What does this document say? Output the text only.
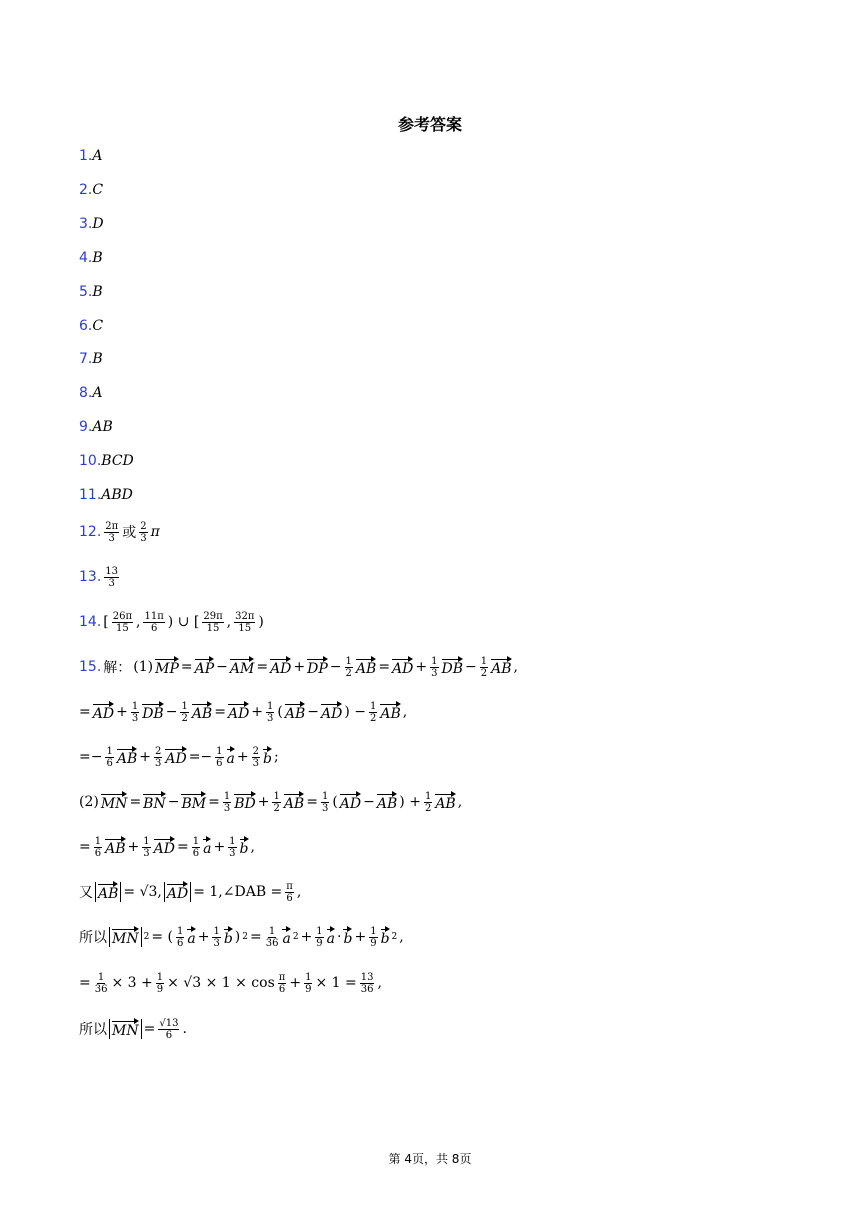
参考答案
1.A
2.C
3.D
4.B
5.B
6.C
7.B
8.A
9.AB
10.BCD
11.ABD
12. $\frac{2\pi}{3}$ 或 $\frac{2}{3}$ π
13. $\frac{13}{3}$
14. [ $\frac{26\pi}{15}$ , $\frac{11\pi}{6}$ ) ∪ [ $\frac{29\pi}{15}$ , $\frac{32\pi}{15}$ )
15. 解： (1) MP = AP − AM = AD + DP − $\frac{1}{2}$ AB = AD + $\frac{1}{3}$ DB − $\frac{1}{2}$ AB ,
= AD + $\frac{1}{3}$ DB − $\frac{1}{2}$ AB = AD + $\frac{1}{3}$ ( AB − AD ) − $\frac{1}{2}$ AB ,
=− $\frac{1}{6}$ AB + $\frac{2}{3}$ AD =− $\frac{1}{6}$ $a + \frac{2}{3}$ b ;
(2) MN = BN − BM = $\frac{1}{3}$ BD + $\frac{1}{2}$ AB = $\frac{1}{3}$ ( AD − AB ) + $\frac{1}{2}$ AB ,
= $\frac{1}{6}$ AB + $\frac{1}{3}$ AD = $\frac{1}{6}$ $a + \frac{1}{3}$ b ,
又 AB = √3, AD = 1,∠DAB = $\frac{\pi}{6}$ ,
所以 MN 2 = ( $\frac{1}{6}$ $a + \frac{1}{3}$ b ) $2 = \frac{1}{36}$ a $2 + \frac{1}{9}$ $a \cdot b + \frac{1}{9}$ b 2 ,
= $\frac{1}{36} \times 3 + \frac{1}{9} \times √3 \times 1 \times \cos \frac{\pi}{6} + \frac{1}{9} \times 1 = \frac{13}{36}$ ,
所以 MN = $\frac{√13}{6}$ .
第 4页，共 8页
